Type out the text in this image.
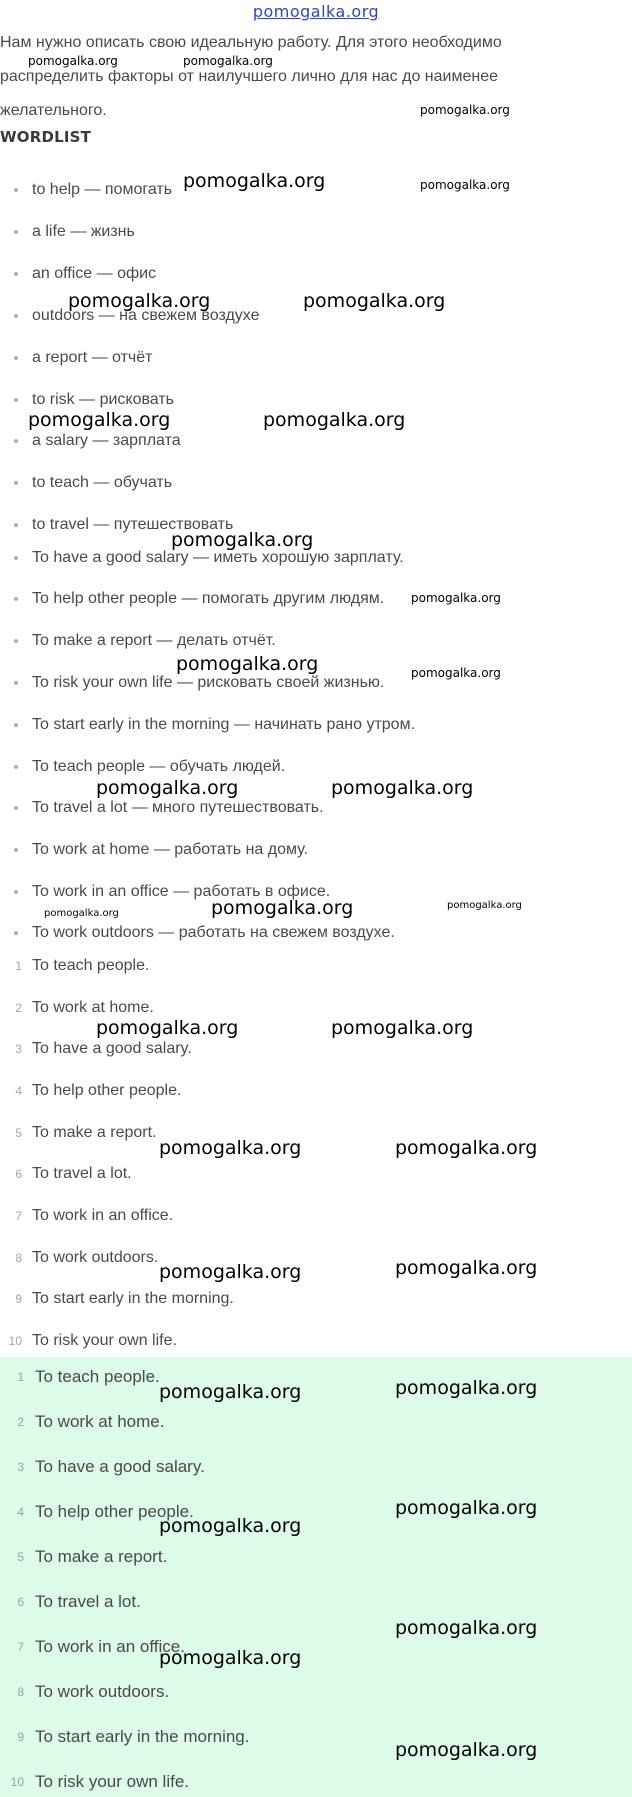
pomogalka.org
Нам нужно описать свою идеальную работу. Для этого необходимо
распределить факторы от наилучшего лично для нас до наименее
желательного.
WORDLIST
to help — помогать
a life — жизнь
an office — офис
outdoors — на свежем воздухе
a report — отчёт
to risk — рисковать
a salary — зарплата
to teach — обучать
to travel — путешествовать
To have a good salary — иметь хорошую зарплату.
To help other people — помогать другим людям.
To make a report — делать отчёт.
To risk your own life — рисковать своей жизнью.
To start early in the morning — начинать рано утром.
To teach people — обучать людей.
To travel a lot — много путешествовать.
To work at home — работать на дому.
To work in an office — работать в офисе.
To work outdoors — работать на свежем воздухе.
1 To teach people.
2 To work at home.
3 To have a good salary.
4 To help other people.
5 To make a report.
6 To travel a lot.
7 To work in an office.
8 To work outdoors.
9 To start early in the morning.
10 To risk your own life.
1 To teach people.
2 To work at home.
3 To have a good salary.
4 To help other people.
5 To make a report.
6 To travel a lot.
7 To work in an office.
8 To work outdoors.
9 To start early in the morning.
10 To risk your own life.
pomogalka.org	pomogalka.org
pomogalka.org
pomogalka.org	pomogalka.org
pomogalka.org	pomogalka.org
pomogalka.org	pomogalka.org
pomogalka.org
pomogalka.org
pomogalka.org	pomogalka.org
pomogalka.org	pomogalka.org
pomogalka.org	pomogalka.org	pomogalka.org
pomogalka.org	pomogalka.org
pomogalka.org	pomogalka.org
pomogalka.org	pomogalka.org
pomogalka.org	pomogalka.org
pomogalka.org
pomogalka.org
pomogalka.org
pomogalka.org
pomogalka.org
